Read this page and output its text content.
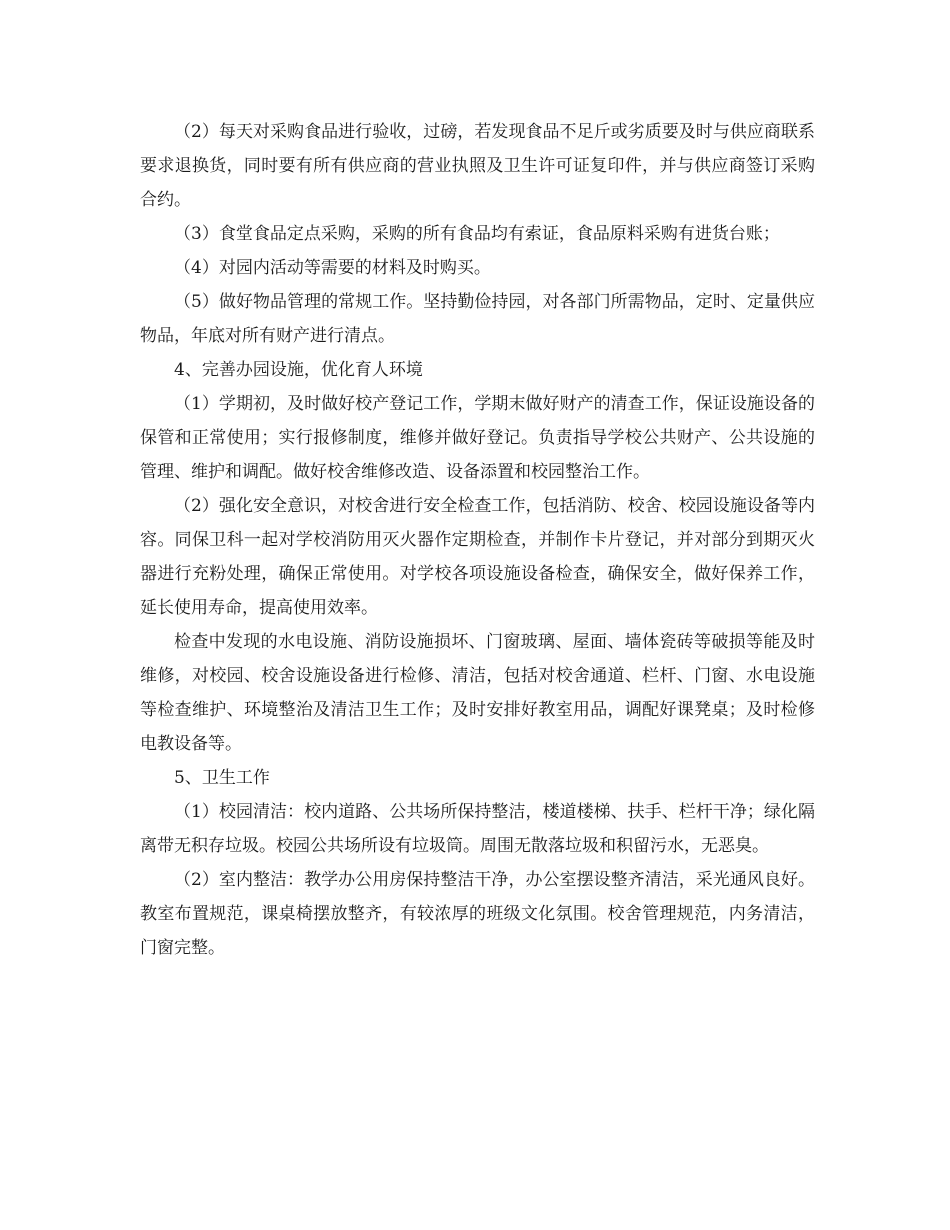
（2）每天对采购食品进行验收，过磅，若发现食品不足斤或劣质要及时与供应商联系要求退换货，同时要有所有供应商的营业执照及卫生许可证复印件，并与供应商签订采购合约。

（3）食堂食品定点采购，采购的所有食品均有索证，食品原料采购有进货台账；

（4）对园内活动等需要的材料及时购买。

（5）做好物品管理的常规工作。坚持勤俭持园，对各部门所需物品，定时、定量供应物品，年底对所有财产进行清点。

4、完善办园设施，优化育人环境

（1）学期初，及时做好校产登记工作，学期末做好财产的清查工作，保证设施设备的保管和正常使用；实行报修制度，维修并做好登记。负责指导学校公共财产、公共设施的管理、维护和调配。做好校舍维修改造、设备添置和校园整治工作。

（2）强化安全意识，对校舍进行安全检查工作，包括消防、校舍、校园设施设备等内容。同保卫科一起对学校消防用灭火器作定期检查，并制作卡片登记，并对部分到期灭火器进行充粉处理，确保正常使用。对学校各项设施设备检查，确保安全，做好保养工作，延长使用寿命，提高使用效率。

检查中发现的水电设施、消防设施损坏、门窗玻璃、屋面、墙体瓷砖等破损等能及时维修，对校园、校舍设施设备进行检修、清洁，包括对校舍通道、栏杆、门窗、水电设施等检查维护、环境整治及清洁卫生工作；及时安排好教室用品，调配好课凳桌；及时检修电教设备等。

5、卫生工作

（1）校园清洁：校内道路、公共场所保持整洁，楼道楼梯、扶手、栏杆干净；绿化隔离带无积存垃圾。校园公共场所设有垃圾筒。周围无散落垃圾和积留污水，无恶臭。

（2）室内整洁：教学办公用房保持整洁干净，办公室摆设整齐清洁，采光通风良好。教室布置规范，课桌椅摆放整齐，有较浓厚的班级文化氛围。校舍管理规范，内务清洁，门窗完整。
